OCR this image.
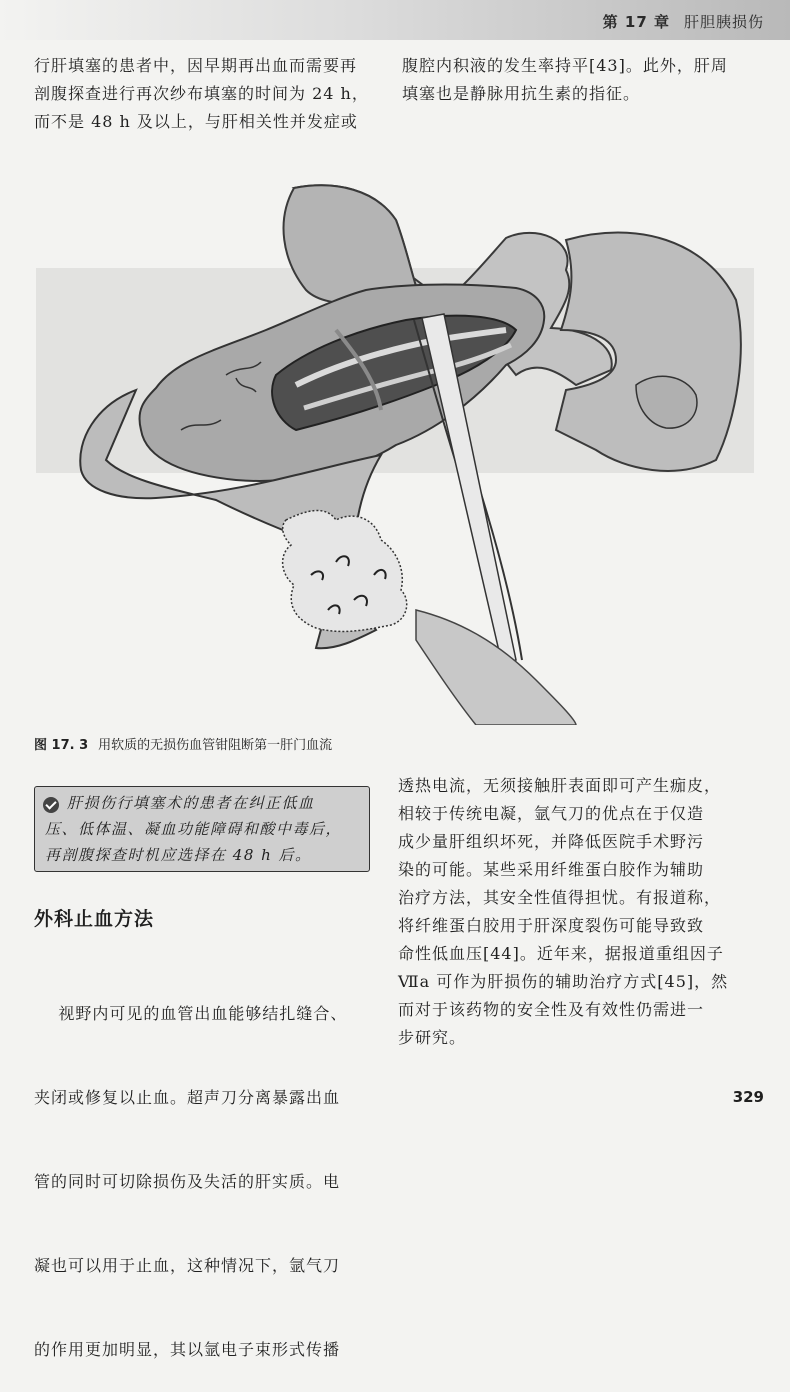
第 17 章 肝胆胰损伤
行肝填塞的患者中，因早期再出血而需要再
剖腹探查进行再次纱布填塞的时间为 24 h，
而不是 48 h 及以上，与肝相关性并发症或
腹腔内积液的发生率持平[43]。此外，肝周
填塞也是静脉用抗生素的指征。
图 17. 3 用软质的无损伤血管钳阻断第一肝门血流
肝损伤行填塞术的患者在纠正低血
压、低体温、凝血功能障碍和酸中毒后，
再剖腹探查时机应选择在 48 h 后。
外科止血方法

视野内可见的血管出血能够结扎缝合、

夹闭或修复以止血。超声刀分离暴露出血

管的同时可切除损伤及失活的肝实质。电

凝也可以用于止血，这种情况下，氩气刀

的作用更加明显，其以氩电子束形式传播

透热电流，无须接触肝表面即可产生痂皮，
相较于传统电凝，氩气刀的优点在于仅造
成少量肝组织坏死，并降低医院手术野污
染的可能。某些采用纤维蛋白胶作为辅助
治疗方法，其安全性值得担忧。有报道称，
将纤维蛋白胶用于肝深度裂伤可能导致致
命性低血压[44]。近年来，据报道重组因子
Ⅶa 可作为肝损伤的辅助治疗方式[45]，然
而对于该药物的安全性及有效性仍需进一
步研究。
329
